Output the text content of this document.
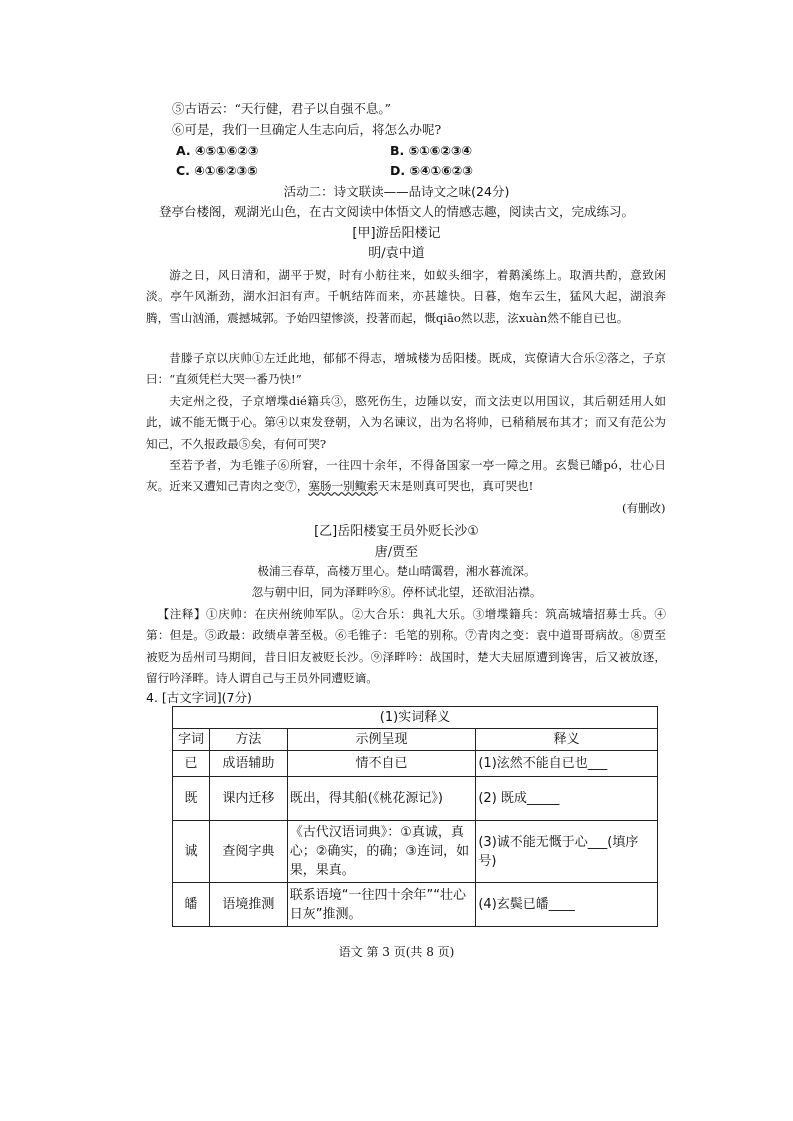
⑤古语云：“天行健，君子以自强不息。”
⑥可是，我们一旦确定人生志向后，将怎么办呢?
A. ④⑤①⑥②③	B. ⑤①⑥②③④
C. ④①⑥②③⑤	D. ⑤④①⑥②③
活动二：诗文联读——品诗文之味(24分)
登亭台楼阁，观湖光山色，在古文阅读中体悟文人的情感志趣，阅读古文，完成练习。
[甲]游岳阳楼记
明/袁中道
游之日，风日清和，湖平于熨，时有小舫往来，如蚁头细字，着鹅溪练上。取酒共酌，意致闲淡。亭午风渐劲，湖水汩汩有声。千帆结阵而来，亦甚雄快。日暮，炮车云生，猛风大起，湖浪奔腾，雪山汹涌，震撼城郭。予始四望惨淡，投著而起，慨qiāo然以悲，泫xuàn然不能自已也。
昔滕子京以庆帅①左迁此地，郁郁不得志，增城楼为岳阳楼。既成，宾僚请大合乐②落之，子京曰：“直须凭栏大哭一番乃快!”
夫定州之役，子京增堞dié籍兵③，愍死伤生，边陲以安，而文法吏以用国议，其后朝廷用人如此，诚不能无慨于心。第④以束发登朝，入为名谏议，出为名将帅，已稍稍展布其才；而又有范公为知己，不久报政最⑤矣，有何可哭?
至若予者，为毛锥子⑥所窘，一往四十余年，不得备国家一亭一障之用。玄鬓已皤pó，壮心日灰。近来又遭知己青肉之变⑦，塞肠一别鲰索天末是则真可哭也，真可哭也!
(有删改)
[乙]岳阳楼宴王员外贬长沙①
唐/贾至
极浦三春草，高楼万里心。楚山晴霭碧，湘水暮流深。
忽与朝中旧，同为泽畔吟⑧。停杯试北望，还欲泪沾襟。
【注释】①庆帅：在庆州统帅军队。②大合乐：典礼大乐。③增堞籍兵：筑高城墙招募士兵。④第：但是。⑤政最：政绩卓著至极。⑥毛锥子：毛笔的别称。⑦青肉之变：袁中道哥哥病故。⑧贾至被贬为岳州司马期间，昔日旧友被贬长沙。⑨泽畔吟：战国时，楚大夫屈原遭到谗害，后又被放逐，留行吟泽畔。诗人谓自己与王员外同遭贬谪。
4. [古文字词](7分)
(1)实词释义			
字词	方法	示例呈现	释义
已	成语辅助	情不自已	(1)泫然不能自已也___
既	课内迁移	既出，得其船(《桃花源记》)	(2) 既成_____
诚	查阅字典	《古代汉语词典》：①真诚，真心；②确实，的确；③连词，如果，果真。	(3)诚不能无慨于心___(填序号)
皤	语境推测	联系语境“一往四十余年”“壮心日灰”推测。	(4)玄鬓已皤____
语文 第 3 页(共 8 页)
